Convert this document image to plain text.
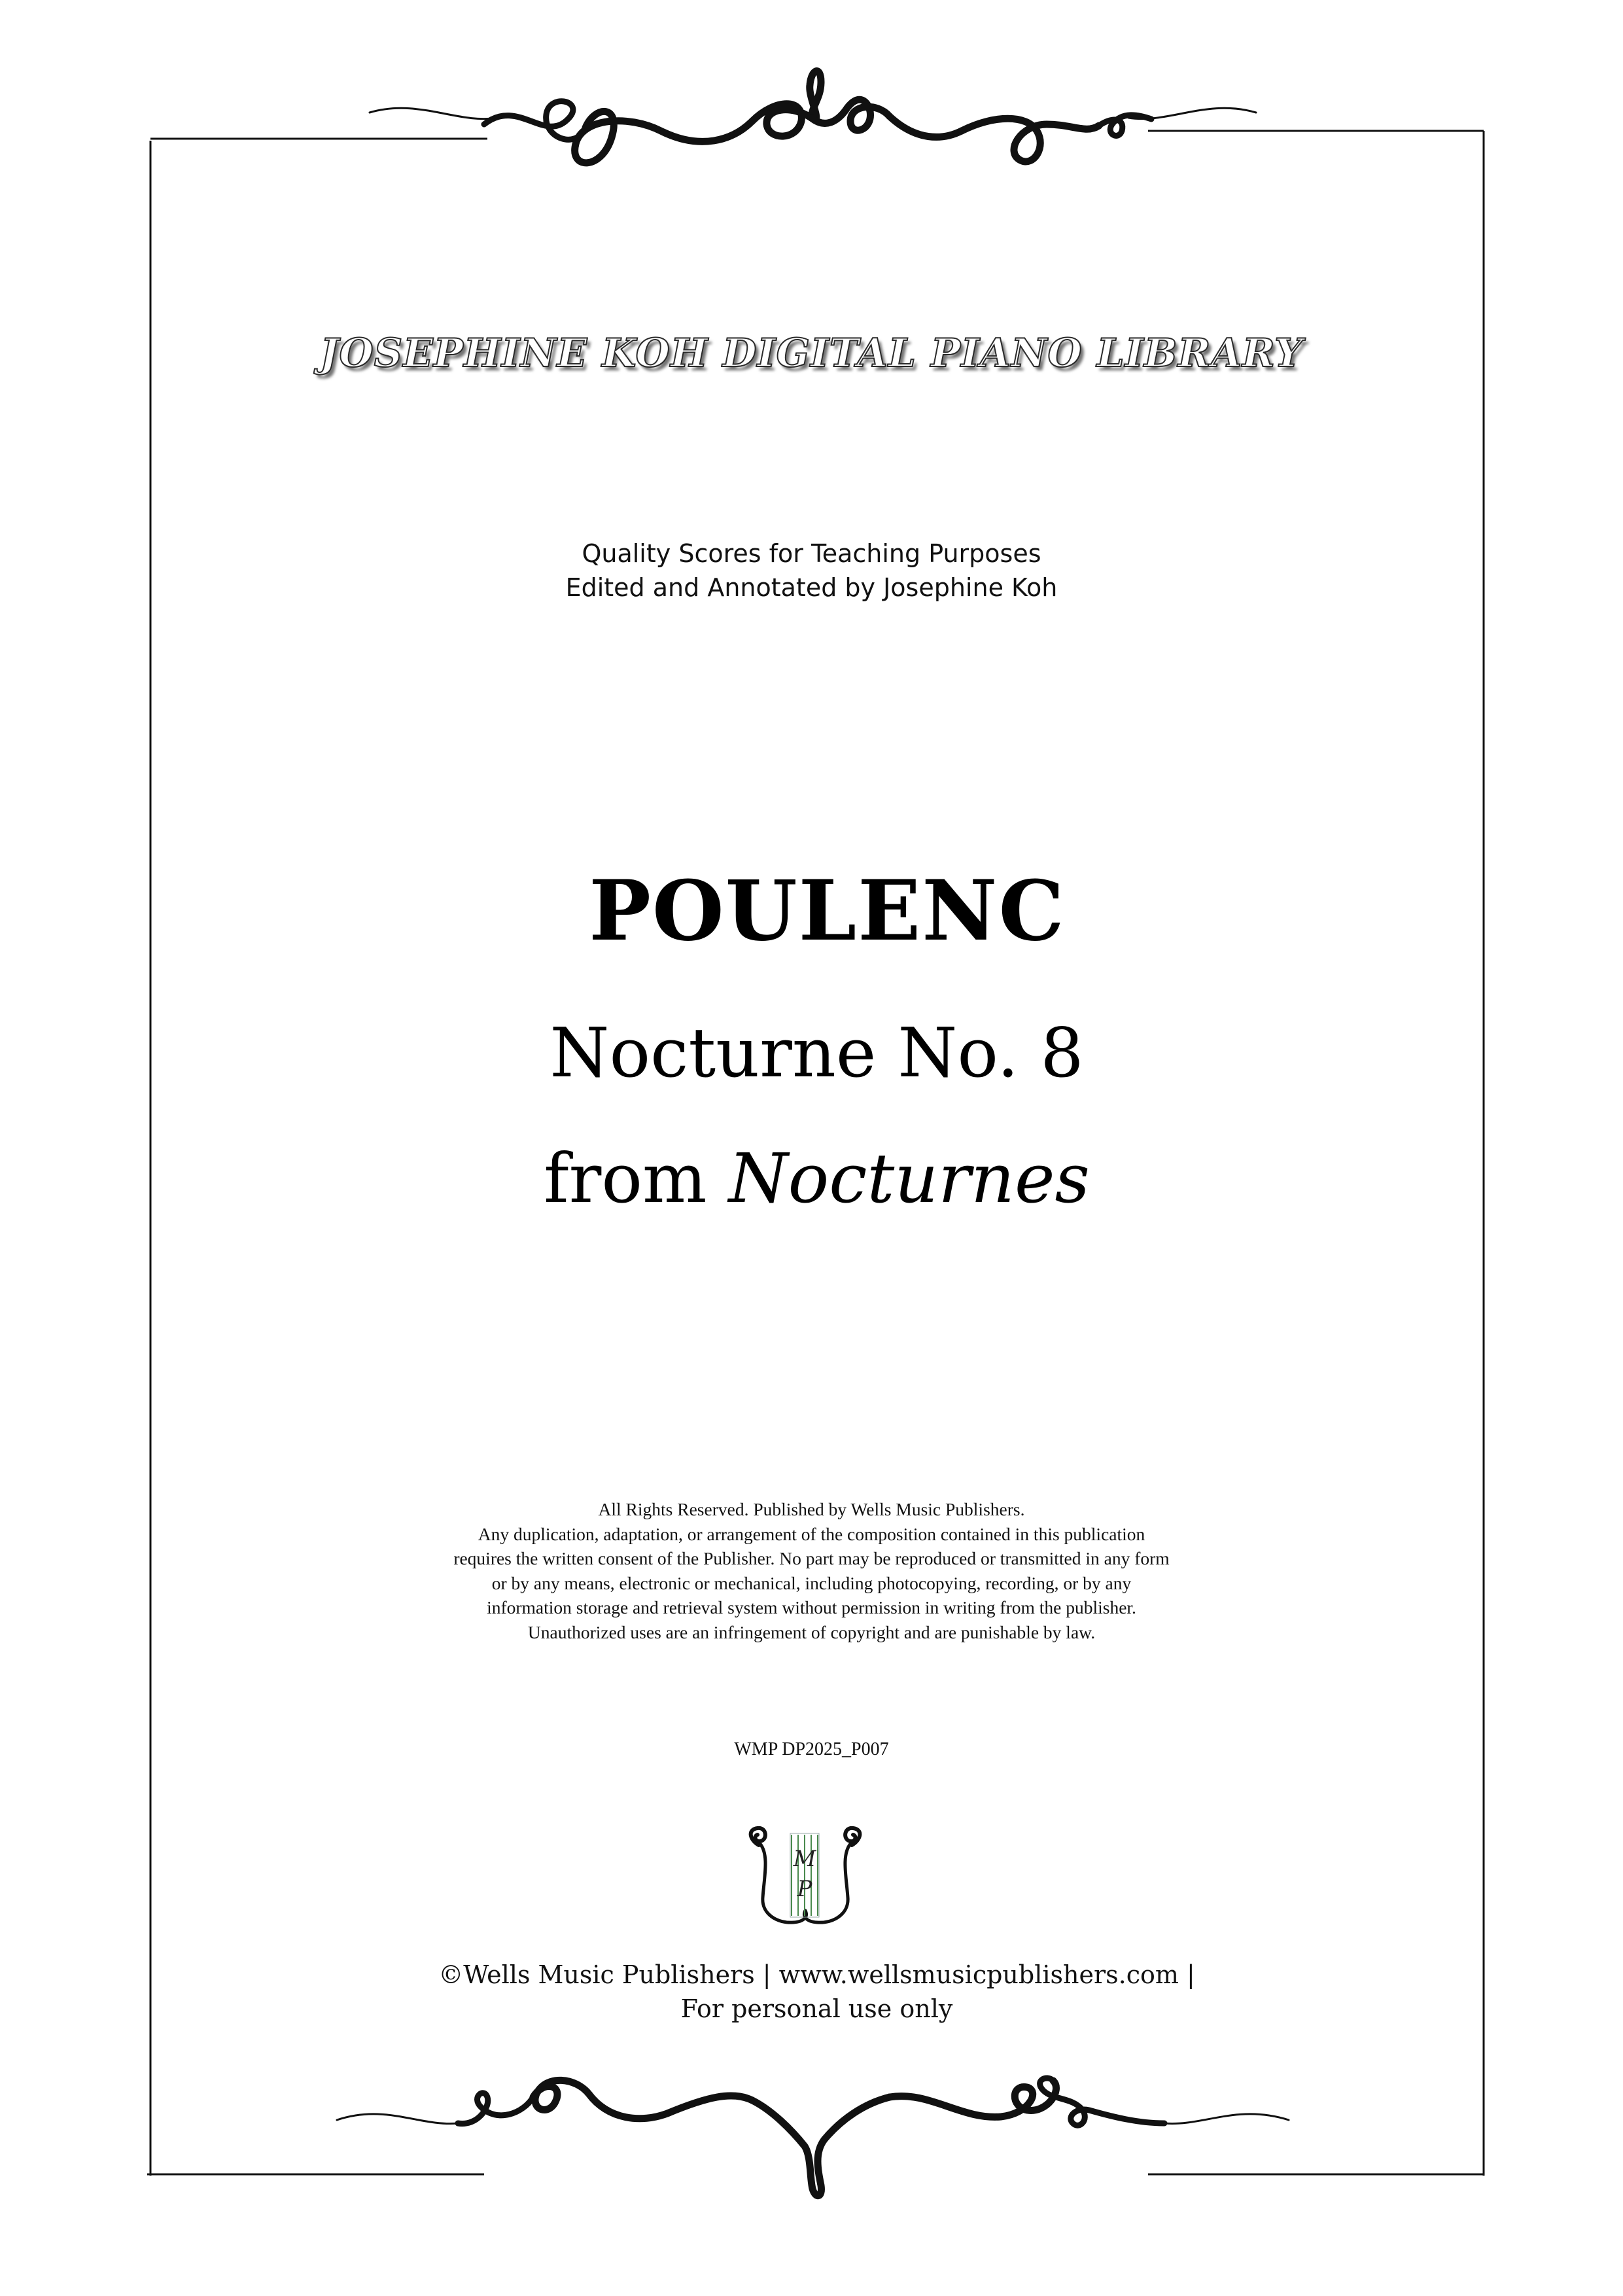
JOSEPHINE KOH DIGITAL PIANO LIBRARY
Quality Scores for Teaching Purposes
Edited and Annotated by Josephine Koh
POULENC
Nocturne No. 8
from Nocturnes
All Rights Reserved. Published by Wells Music Publishers.
Any duplication, adaptation, or arrangement of the composition contained in this publication
requires the written consent of the Publisher. No part may be reproduced or transmitted in any form
or by any means, electronic or mechanical, including photocopying, recording, or by any
information storage and retrieval system without permission in writing from the publisher.
Unauthorized uses are an infringement of copyright and are punishable by law.
WMP DP2025_P007
M
P
©Wells Music Publishers | www.wellsmusicpublishers.com |
For personal use only
